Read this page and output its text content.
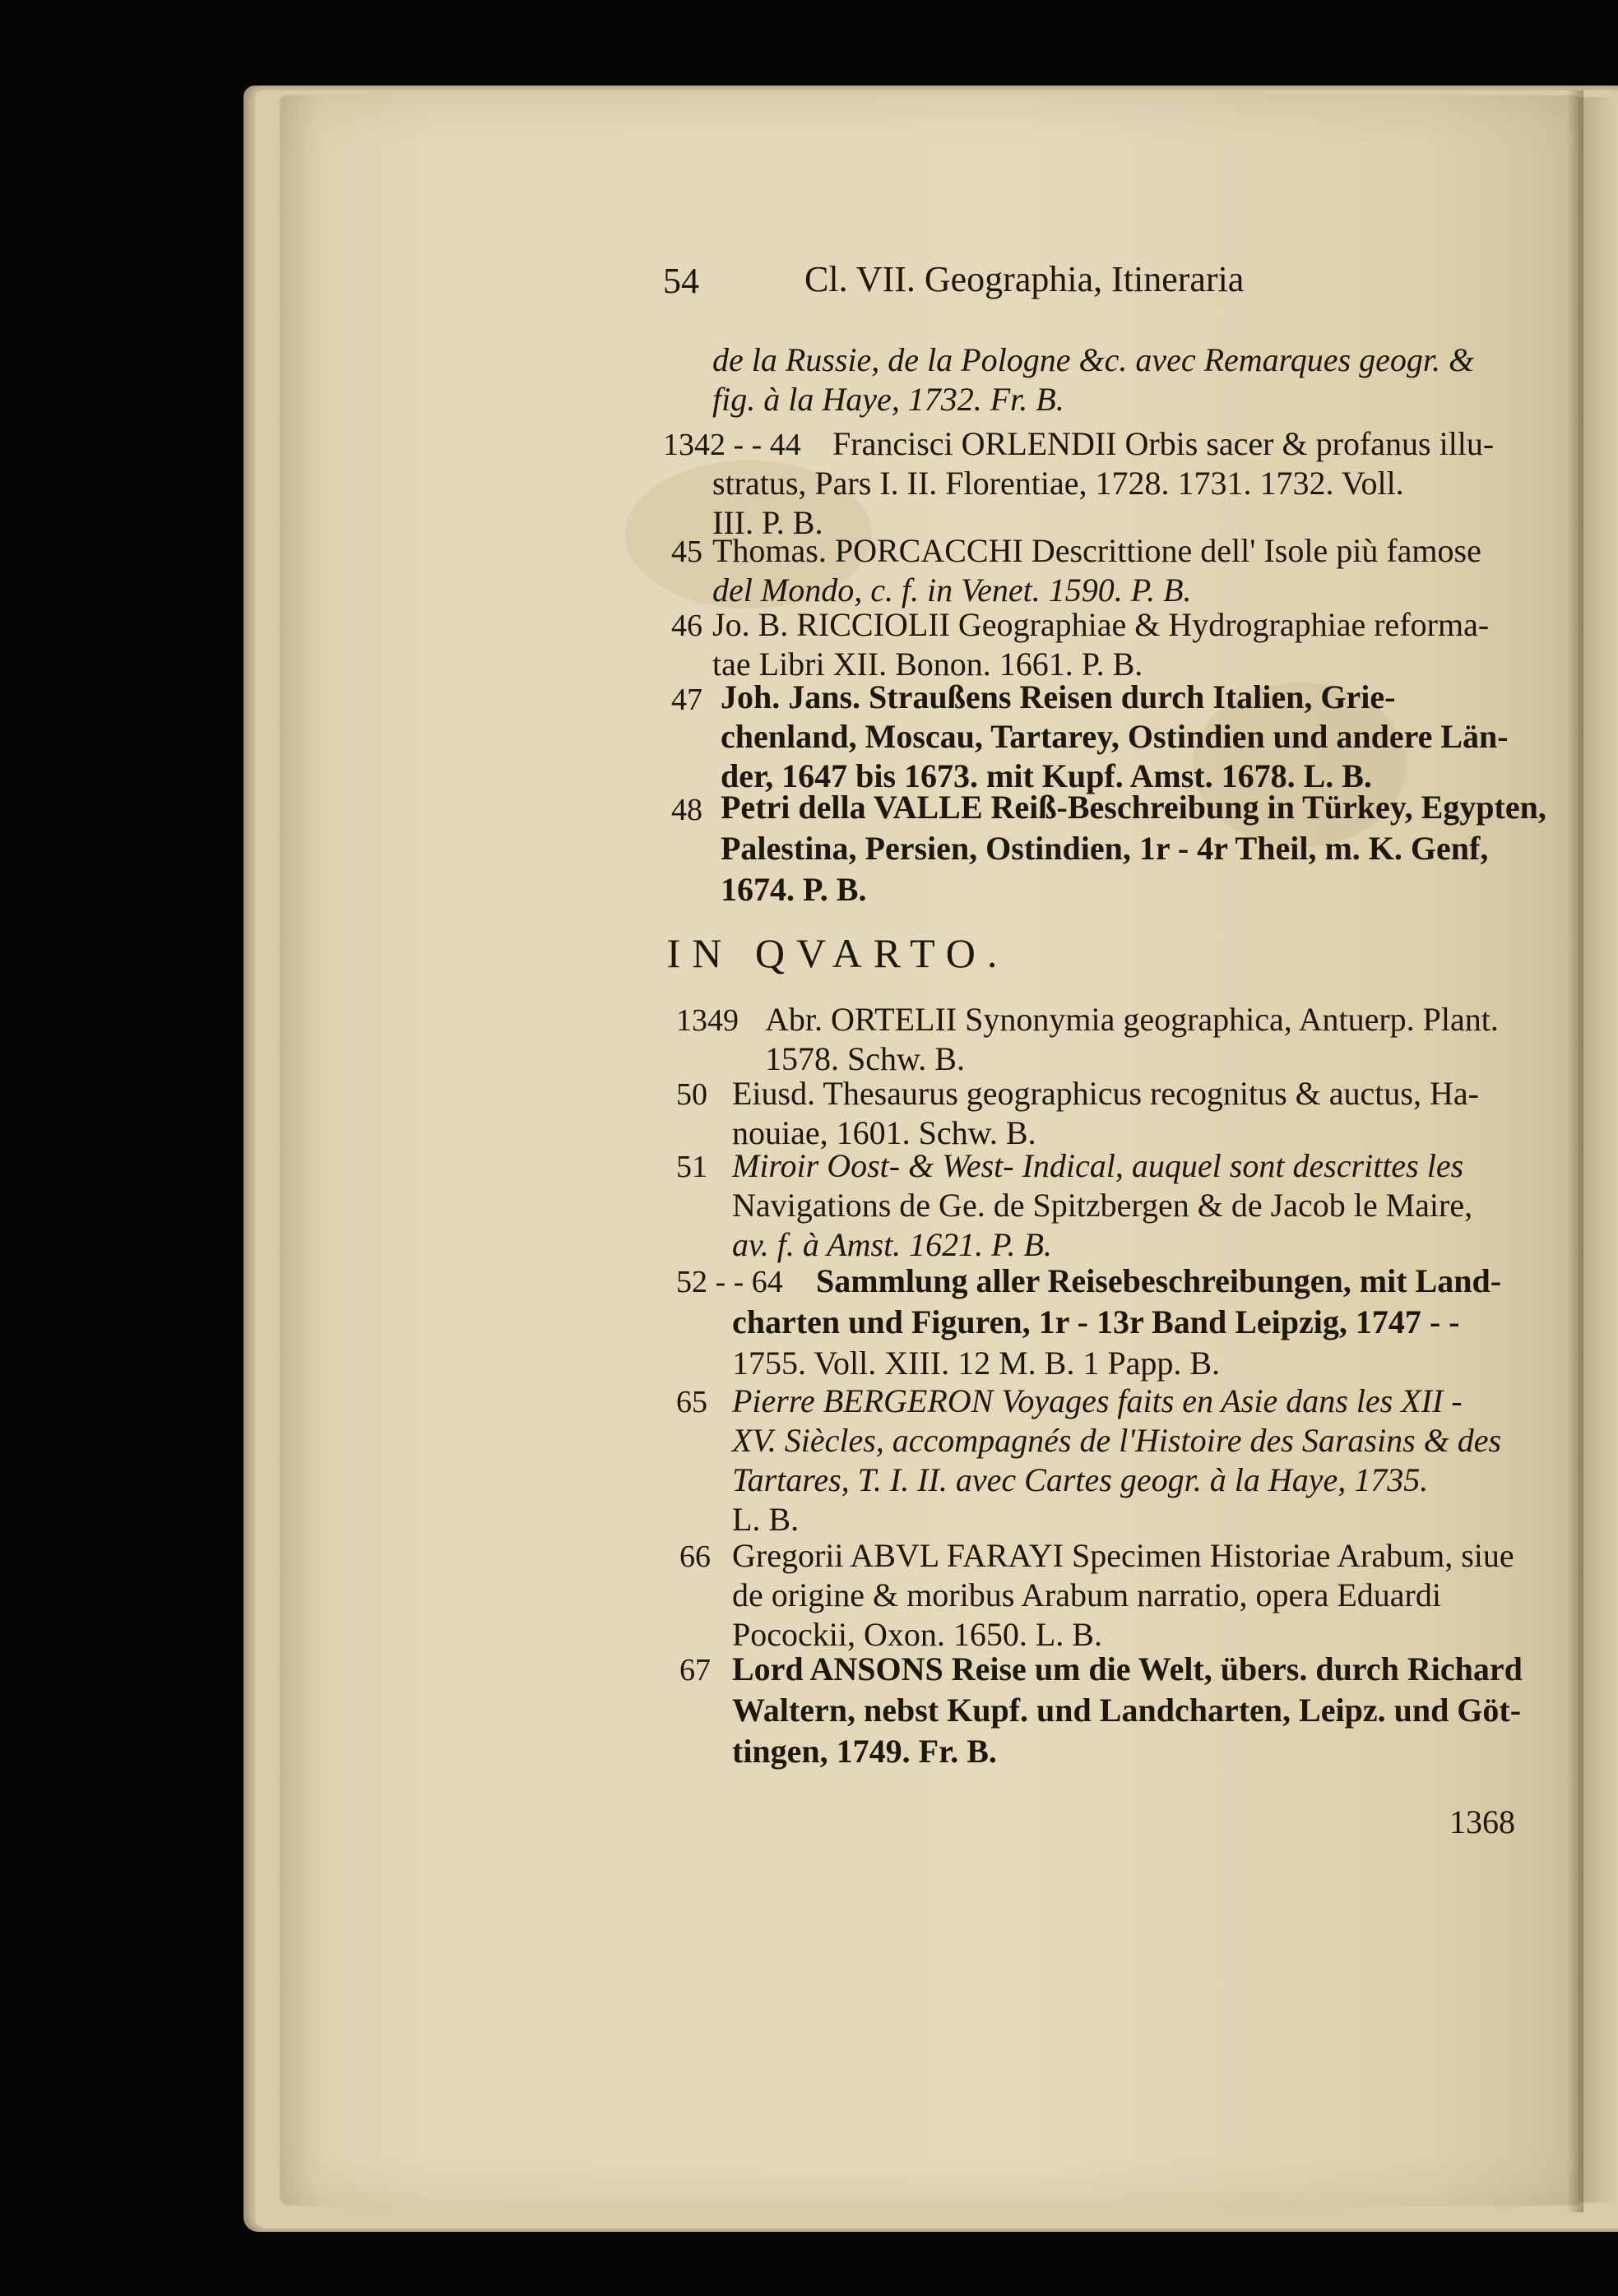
54	Cl. VII. Geographia, Itineraria
de la Russie, de la Pologne &c. avec Remarques geogr. &
fig. à la Haye, 1732. Fr. B.
1342 - - 44 Francisci ORLENDII Orbis sacer & profanus illu-
stratus, Pars I. II. Florentiae, 1728. 1731. 1732. Voll.
III. P. B.
45 Thomas. PORCACCHI Descrittione dell' Isole più famose
del Mondo, c. f. in Venet. 1590. P. B.
46 Jo. B. RICCIOLII Geographiae & Hydrographiae reforma-
tae Libri XII. Bonon. 1661. P. B.
47 Joh. Jans. Straußens Reisen durch Italien, Grie-
chenland, Moscau, Tartarey, Ostindien und andere Län-
der, 1647 bis 1673. mit Kupf. Amst. 1678. L. B.
48 Petri della VALLE Reiß-Beschreibung in Türkey, Egypten,
Palestina, Persien, Ostindien, 1r - 4r Theil, m. K. Genf,
1674. P. B.
IN QVARTO.
1349 Abr. ORTELII Synonymia geographica, Antuerp. Plant.
1578. Schw. B.
50 Eiusd. Thesaurus geographicus recognitus & auctus, Ha-
nouiae, 1601. Schw. B.
51 Miroir Oost- & West- Indical, auquel sont descrittes les
Navigations de Ge. de Spitzbergen & de Jacob le Maire,
av. f. à Amst. 1621. P. B.
52 - - 64 Sammlung aller Reisebeschreibungen, mit Land-
charten und Figuren, 1r - 13r Band Leipzig, 1747 - -
1755. Voll. XIII. 12 M. B. 1 Papp. B.
65 Pierre BERGERON Voyages faits en Asie dans les XII -
XV. Siècles, accompagnés de l'Histoire des Sarasins & des
Tartares, T. I. II. avec Cartes geogr. à la Haye, 1735.
L. B.
66 Gregorii ABVL FARAYI Specimen Historiae Arabum, siue
de origine & moribus Arabum narratio, opera Eduardi
Pocockii, Oxon. 1650. L. B.
67 Lord ANSONS Reise um die Welt, übers. durch Richard
Waltern, nebst Kupf. und Landcharten, Leipz. und Göt-
tingen, 1749. Fr. B.
1368
